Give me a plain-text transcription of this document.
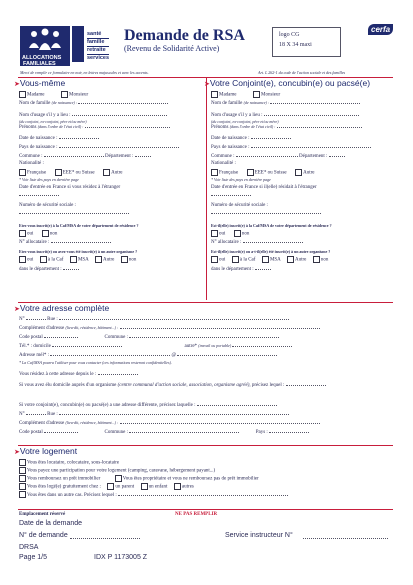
ALLOCATIONS
FAMILIALES
santé
famille
retraite
services
Demande de RSA
(Revenu de Solidarité Active)
logo CG
18 X 34 maxi
cerfa
Merci de remplir ce formulaire en noir, en lettres majuscules et avec les accents.	Art. L 262-1 du code de l'action sociale et des familles
➤Vous-même
Madame	Monsieur
Nom de famille (de naissance) :
Nom d'usage s'il y a lieu :
(du conjoint, ex-conjoint, père et/ou mère)
Prénoms (dans l'ordre de l'état civil) :
Date de naissance :
Pays de naissance :
Commune :	Département :
Nationalité :
Française	EEE* ou Suisse	Autre
* Voir liste des pays en dernière page
Date d'entrée en France si vous résidez à l'étranger
Numéro de sécurité sociale :
Etes-vous inscrit(e) à la Caf/MSA de votre département de résidence ?
oui	non
N° allocataire :
Etes-vous inscrit(e) ou avez-vous été inscrit(e) à un autre organisme ?
oui	à la Caf	MSA	Autre	non
dans le département :
➤Votre Conjoint(e), concubin(e) ou pacsé(e)
Madame	Monsieur
Nom de famille (de naissance) :
Nom d'usage s'il y a lieu :
(du conjoint, ex-conjoint, père et/ou mère)
Prénoms (dans l'ordre de l'état civil) :
Date de naissance :
Pays de naissance :
Commune :	Département :
Nationalité :
Française	EEE* ou Suisse	Autre
* Voir liste des pays en dernière page
Date d'entrée en France si il(elle) résidait à l'étranger
Numéro de sécurité sociale :
Est-il(elle) inscrit(e) à la Caf/MSA de votre département de résidence ?
oui	non
N° allocataire :
Est-il(elle) inscrit(e) ou a-t-il(elle) été inscrit(e) à un autre organisme ?
oui	à la Caf	MSA	Autre	non
dans le département :
➤Votre adresse complète
N°	Rue :
Complément d'adresse (lieu-dit, résidence, bâtiment...) :
Code postal	Commune :
Tél.* : domicile	autre* (travail ou portable)
Adresse mél* :	@
* La Caf/MSA pourra l'utiliser pour vous contacter (ces informations resteront confidentielles).
Vous résidez à cette adresse depuis le :
Si vous avez élu domicile auprès d'un organisme (centre communal d'action sociale, association, organisme agréé), précisez lequel :
Si votre conjoint(e), concubin(e) ou pacsé(e) a une adresse différente, précisez laquelle :
N°	Rue :
Complément d'adresse (lieu-dit, résidence, bâtiment...) :
Code postal	Commune :	Pays :
➤Votre logement
Vous êtes locataire, colocataire, sous-locataire
Vous payez une participation pour votre logement (camping, caravane, hébergement payant...)
Vous remboursez un prêt immobilier	Vous êtes propriétaire et vous ne remboursez pas de prêt immobilier
Vous êtes logé(e) gratuitement chez :	un parent	un enfant	autres
Vous êtes dans un autre cas. Précisez lequel :
Emplacement réservé	NE PAS REMPLIR
Date de la demande
N° de demande	Service instructeur N°
DRSA
Page 1/5	IDX P 1173005 Z
